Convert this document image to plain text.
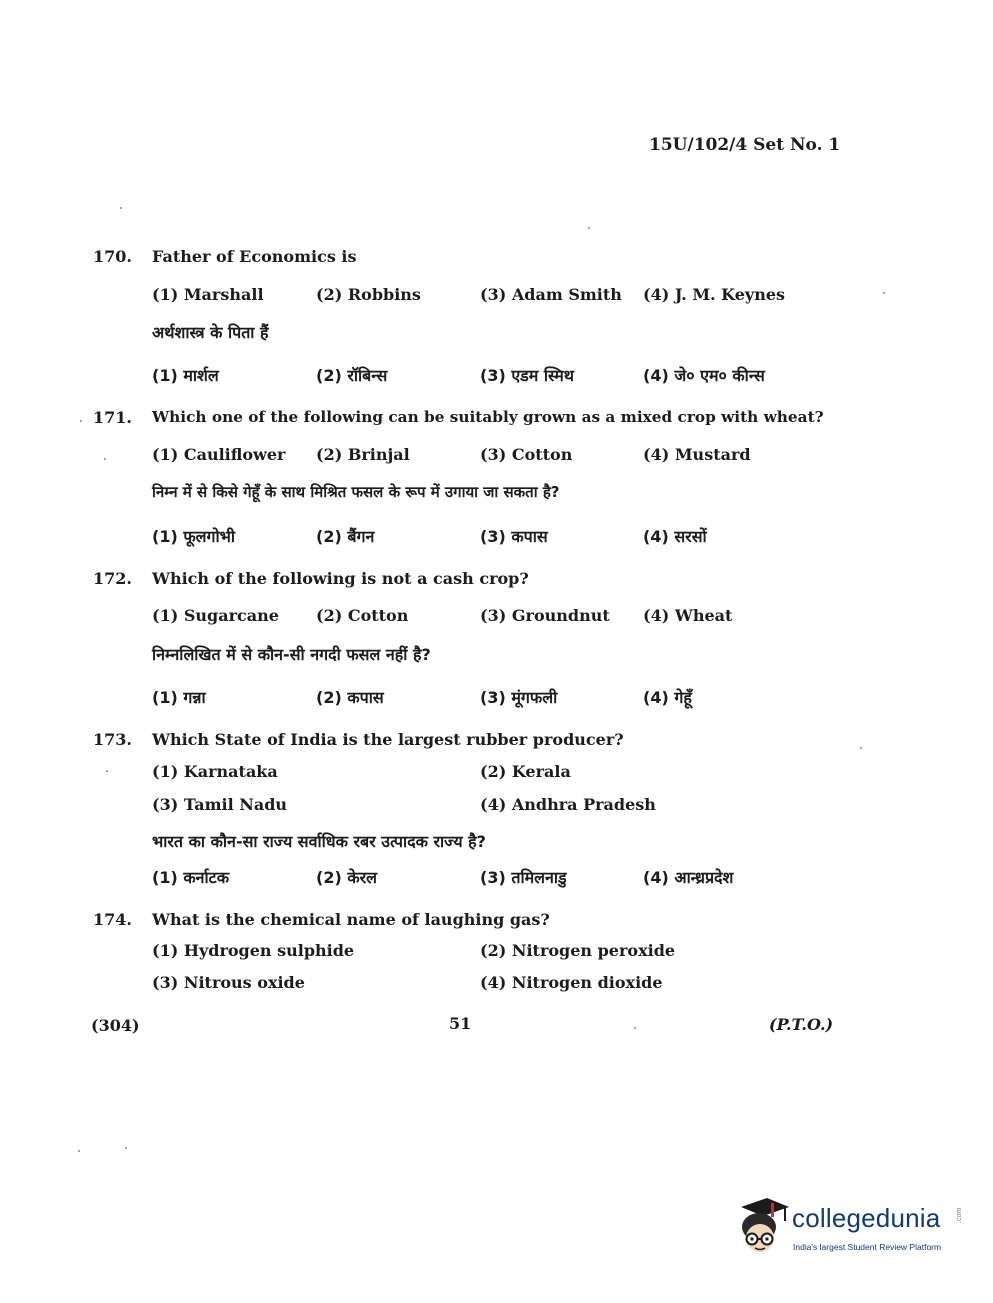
15U/102/4 Set No. 1
170. Father of Economics is
(1) Marshall	(2) Robbins	(3) Adam Smith (4) J. M. Keynes
अर्थशास्त्र के पिता हैं
(1) मार्शल	(2) रॉबिन्स	(3) एडम स्मिथ	(4) जे० एम० कीन्स
171. Which one of the following can be suitably grown as a mixed crop with wheat?
(1) Cauliflower (2) Brinjal	(3) Cotton	(4) Mustard
निम्न में से किसे गेहूँ के साथ मिश्रित फसल के रूप में उगाया जा सकता है?
(1) फूलगोभी	(2) बैंगन	(3) कपास	(4) सरसों
172. Which of the following is not a cash crop?
(1) Sugarcane (2) Cotton	(3) Groundnut (4) Wheat
निम्नलिखित में से कौन-सी नगदी फसल नहीं है?
(1) गन्ना	(2) कपास	(3) मूंगफली	(4) गेहूँ
173. Which State of India is the largest rubber producer?
(1) Karnataka	(2) Kerala
(3) Tamil Nadu	(4) Andhra Pradesh
भारत का कौन-सा राज्य सर्वाधिक रबर उत्पादक राज्य है?
(1) कर्नाटक	(2) केरल	(3) तमिलनाडु	(4) आन्ध्रप्रदेश
174. What is the chemical name of laughing gas?
(1) Hydrogen sulphide	(2) Nitrogen peroxide
(3) Nitrous oxide	(4) Nitrogen dioxide
(304)	51	(P.T.O.)
collegedunia .com
India's largest Student Review Platform
